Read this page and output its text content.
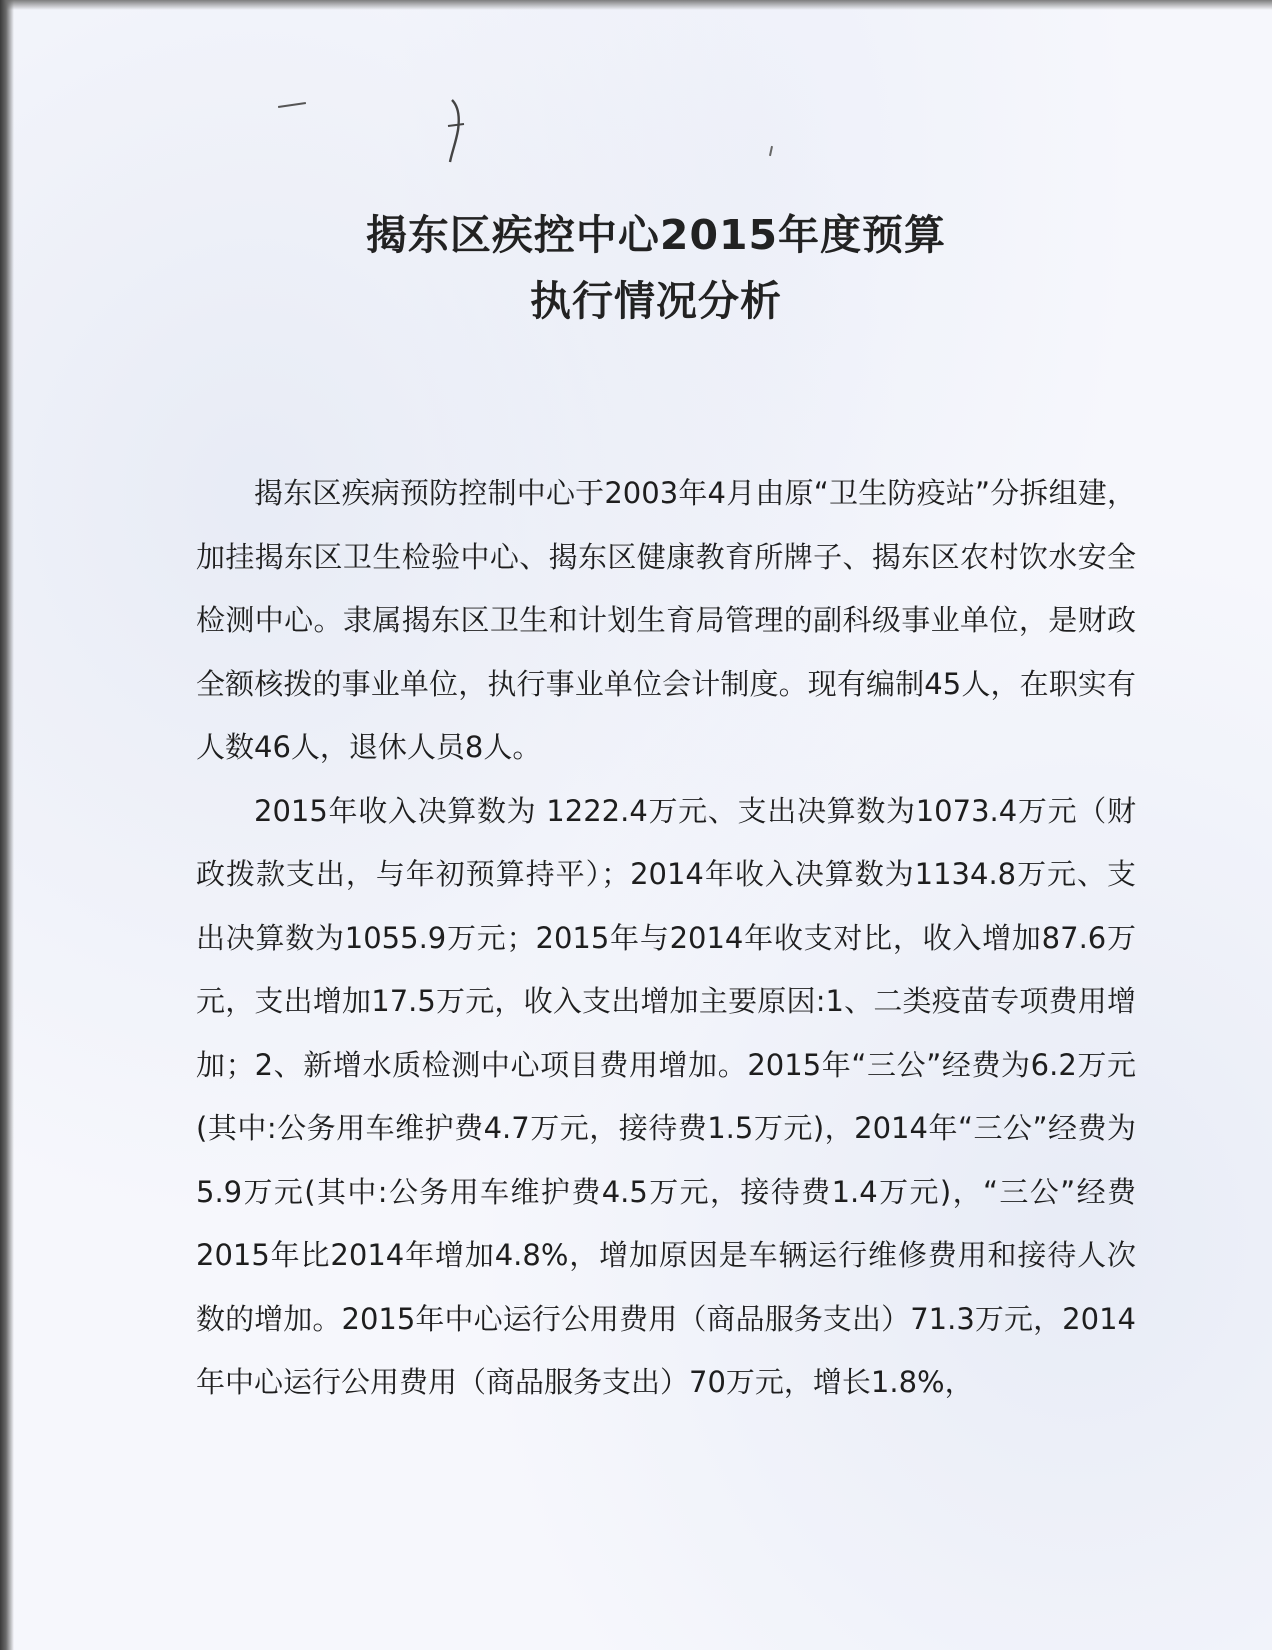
揭东区疾控中心2015年度预算
执行情况分析

揭东区疾病预防控制中心于2003年4月由原“卫生防疫站”分拆组建，加挂揭东区卫生检验中心、揭东区健康教育所牌子、揭东区农村饮水安全检测中心。隶属揭东区卫生和计划生育局管理的副科级事业单位，是财政全额核拨的事业单位，执行事业单位会计制度。现有编制45人，在职实有人数46人，退休人员8人。

2015年收入决算数为 1222.4万元、支出决算数为1073.4万元（财政拨款支出，与年初预算持平）；2014年收入决算数为1134.8万元、支出决算数为1055.9万元；2015年与2014年收支对比，收入增加87.6万元，支出增加17.5万元，收入支出增加主要原因:1、二类疫苗专项费用增加；2、新增水质检测中心项目费用增加。2015年“三公”经费为6.2万元(其中:公务用车维护费4.7万元，接待费1.5万元)，2014年“三公”经费为5.9万元(其中:公务用车维护费4.5万元，接待费1.4万元)，“三公”经费2015年比2014年增加4.8%，增加原因是车辆运行维修费用和接待人次数的增加。2015年中心运行公用费用（商品服务支出）71.3万元，2014年中心运行公用费用（商品服务支出）70万元，增长1.8%，
